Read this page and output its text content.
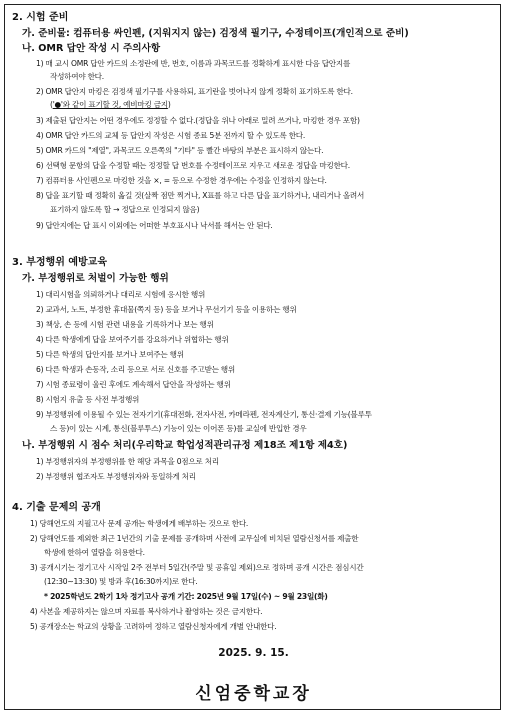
2. 시험 준비
가. 준비물: 컴퓨터용 싸인펜, (지워지지 않는) 검정색 필기구, 수정테이프(개인적으로 준비)
나. OMR 답안 작성 시 주의사항
1) 매 교시 OMR 답안 카드의 소정란에 반, 번호, 이름과 과목코드를 정확하게 표시한 다음 답안지를
작성하여야 한다.
2) OMR 답안지 마킹은 검정색 필기구를 사용하되, 표기란을 벗어나지 않게 정확히 표기하도록 한다.
('●'와 같이 표기할 것, 예비마킹 금지)
3) 제출된 답안지는 어떤 경우에도 정정할 수 없다.(정답을 위나 아래로 밀려 쓰거나, 마킹한 경우 포함)
4) OMR 답안 카드의 교체 등 답안지 작성은 시험 종료 5분 전까지 할 수 있도록 한다.
5) OMR 카드의 "제열", 과목코드 오른쪽의 "기타" 등 빨간 바탕의 부분은 표시하지 않는다.
6) 선택형 문항의 답을 수정할 때는 정정할 답 번호를 수정테이프로 지우고 새로운 정답을 마킹한다.
7) 컴퓨터용 사인펜으로 마킹한 것을 ×, = 등으로 수정한 경우에는 수정을 인정하지 않는다.
8) 답을 표기할 때 정확히 옮길 것(살짝 점만 찍거나, X표를 하고 다른 답을 표기하거나, 내리거나 올려서
표기하지 않도록 할 → 정답으로 인정되지 않음)
9) 답안지에는 답 표시 이외에는 어떠한 부호표시나 낙서를 해서는 안 된다.
3. 부정행위 예방교육
가. 부정행위로 처벌이 가능한 행위
1) 대리시험을 의뢰하거나 대리로 시험에 응시한 행위
2) 교과서, 노트, 부정한 휴대물(쪽지 등) 등을 보거나 무선기기 등을 이용하는 행위
3) 책상, 손 등에 시험 관련 내용을 기록하거나 보는 행위
4) 다른 학생에게 답을 보여주기를 강요하거나 위협하는 행위
5) 다른 학생의 답안지를 보거나 보여주는 행위
6) 다른 학생과 손동작, 소리 등으로 서로 신호를 주고받는 행위
7) 시험 종료령이 울린 후에도 계속해서 답안을 작성하는 행위
8) 시험지 유출 등 사전 부정행위
9) 부정행위에 이용될 수 있는 전자기기(휴대전화, 전자사전, 카메라펜, 전자계산기, 통신·결제 기능(블루투
스 등)이 있는 시계, 통신(블루투스) 기능이 있는 이어폰 등)를 교실에 반입한 경우
나. 부정행위 시 점수 처리(우리학교 학업성적관리규정 제18조 제1항 제4호)
1) 부정행위자의 부정행위를 한 해당 과목을 0점으로 처리
2) 부정행위 협조자도 부정행위자와 동일하게 처리
4. 기출 문제의 공개
1) 당해연도의 지필고사 문제 공개는 학생에게 배부하는 것으로 한다.
2) 당해연도를 제외한 최근 1년간의 기출 문제를 공개하며 사전에 교무실에 비치된 열람신청서를 제출한
학생에 한하여 열람을 허용한다.
3) 공개시기는 정기고사 시작일 2주 전부터 5일간(주말 및 공휴일 제외)으로 정하며 공개 시간은 점심시간
(12:30~13:30) 및 방과 후(16:30까지)로 한다.
* 2025학년도 2학기 1차 정기고사 공개 기간: 2025년 9월 17일(수) ~ 9월 23일(화)
4) 사본을 제공하지는 않으며 자료를 복사하거나 촬영하는 것은 금지한다.
5) 공개장소는 학교의 상황을 고려하여 정하고 열람신청자에게 개별 안내한다.
2025. 9. 15.
신엄중학교장
